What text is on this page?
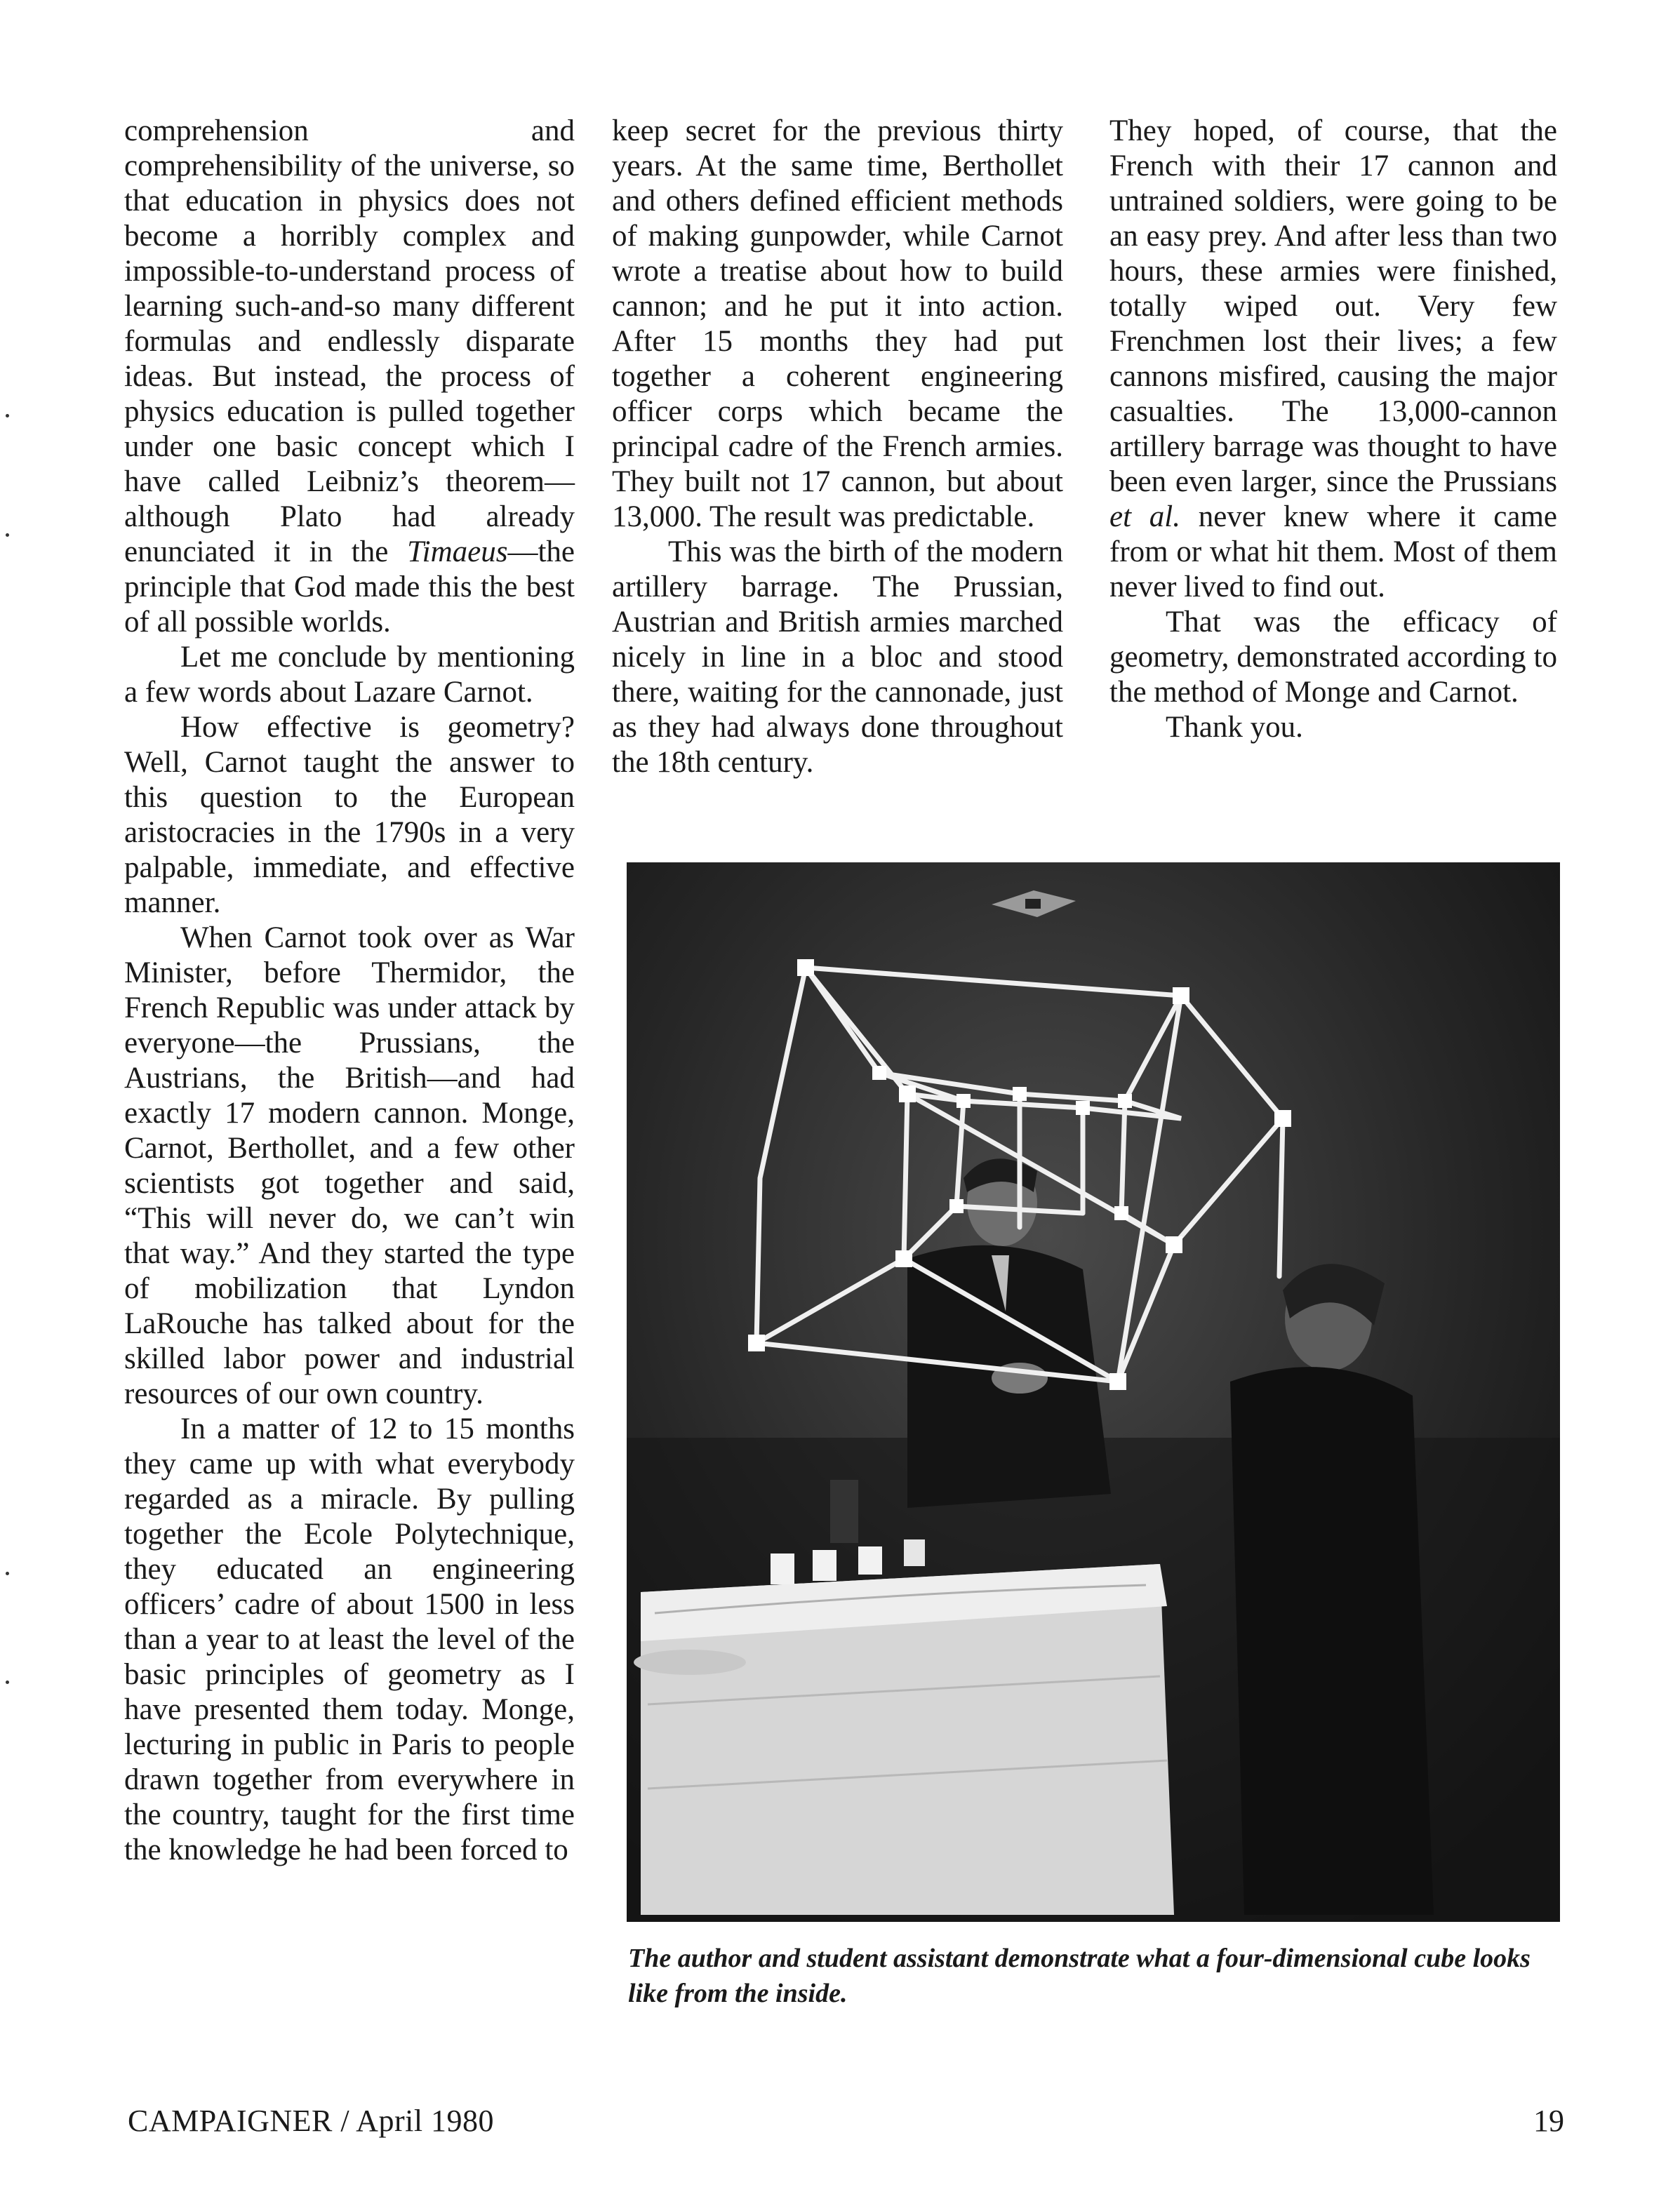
comprehension and comprehensibility of the universe, so that education in physics does not become a horribly complex and impossible-to-understand process of learning such-and-so many different formulas and endlessly disparate ideas. But instead, the process of physics education is pulled together under one basic concept which I have called Leibniz’s theorem—although Plato had already enunciated it in the Timaeus—the principle that God made this the best of all possible worlds.

Let me conclude by mentioning a few words about Lazare Carnot.

How effective is geometry? Well, Carnot taught the answer to this question to the European aristocracies in the 1790s in a very palpable, immediate, and effective manner.

When Carnot took over as War Minister, before Thermidor, the French Republic was under attack by everyone—the Prussians, the Austrians, the British—and had exactly 17 modern cannon. Monge, Carnot, Berthollet, and a few other scientists got together and said, “This will never do, we can’t win that way.” And they started the type of mobilization that Lyndon LaRouche has talked about for the skilled labor power and industrial resources of our own country.

In a matter of 12 to 15 months they came up with what everybody regarded as a miracle. By pulling together the Ecole Polytechnique, they educated an engineering officers’ cadre of about 1500 in less than a year to at least the level of the basic principles of geometry as I have presented them today. Monge, lecturing in public in Paris to people drawn together from everywhere in the country, taught for the first time the knowledge he had been forced to

keep secret for the previous thirty years. At the same time, Berthollet and others defined efficient methods of making gunpowder, while Carnot wrote a treatise about how to build cannon; and he put it into action. After 15 months they had put together a coherent engineering officer corps which became the principal cadre of the French armies. They built not 17 cannon, but about 13,000. The result was predictable.

This was the birth of the modern artillery barrage. The Prussian, Austrian and British armies marched nicely in line in a bloc and stood there, waiting for the cannonade, just as they had always done throughout the 18th century.

They hoped, of course, that the French with their 17 cannon and untrained soldiers, were going to be an easy prey. And after less than two hours, these armies were finished, totally wiped out. Very few Frenchmen lost their lives; a few cannons misfired, causing the major casualties. The 13,000-cannon artillery barrage was thought to have been even larger, since the Prussians et al. never knew where it came from or what hit them. Most of them never lived to find out.

That was the efficacy of geometry, demonstrated according to the method of Monge and Carnot.

Thank you.

The author and student assistant demonstrate what a four-dimensional cube looks like from the inside.
CAMPAIGNER / April 1980	19
